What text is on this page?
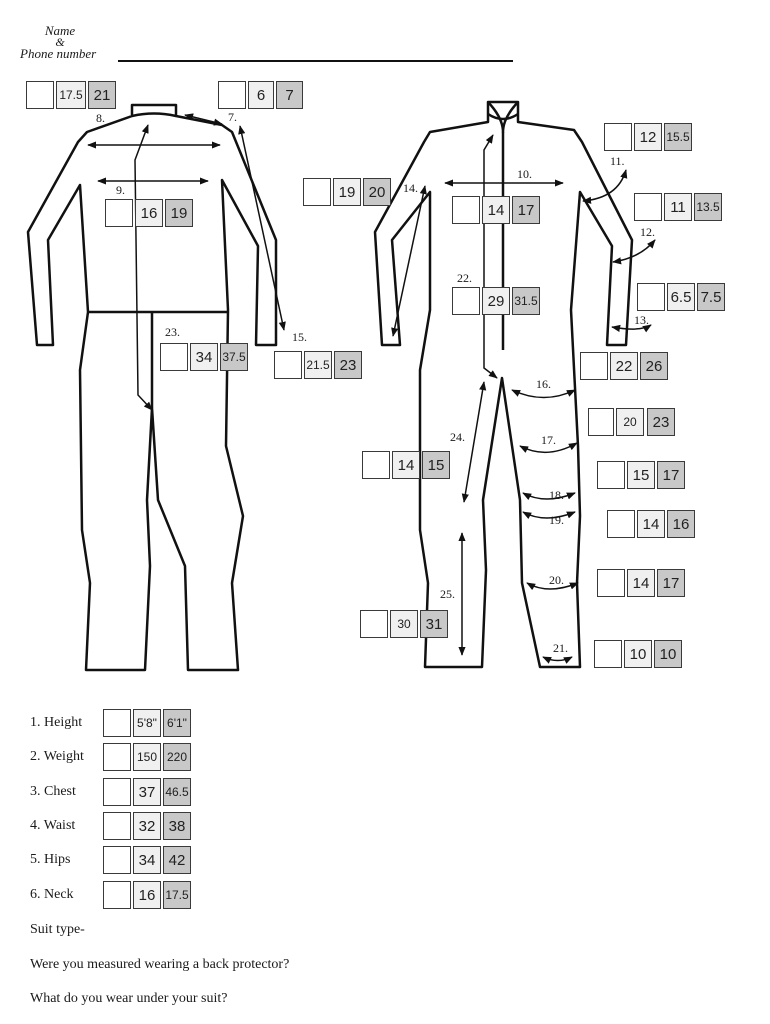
Name
&
Phone number
7.
8.
9.
10.
11.
12.
13.
14.
15.
16.
17.
18.
19.
20.
21.
22.
23.
24.
25.
17.5 21	6	7
16 19
34 37.5
21.5 23
12 15.5
19 20
14 17	11 13.5
29 31.5	6.5 7.5
22 26
20	23
14 15
15 17
14 16
14 17
30 31
10 10
1. Height	5'8" 6'1"
2. Weight	150 220
3. Chest	37 46.5
4. Waist	32 38
5. Hips	34 42
6. Neck	16 17.5
Suit type-
Were you measured wearing a back protector?
What do you wear under your suit?
